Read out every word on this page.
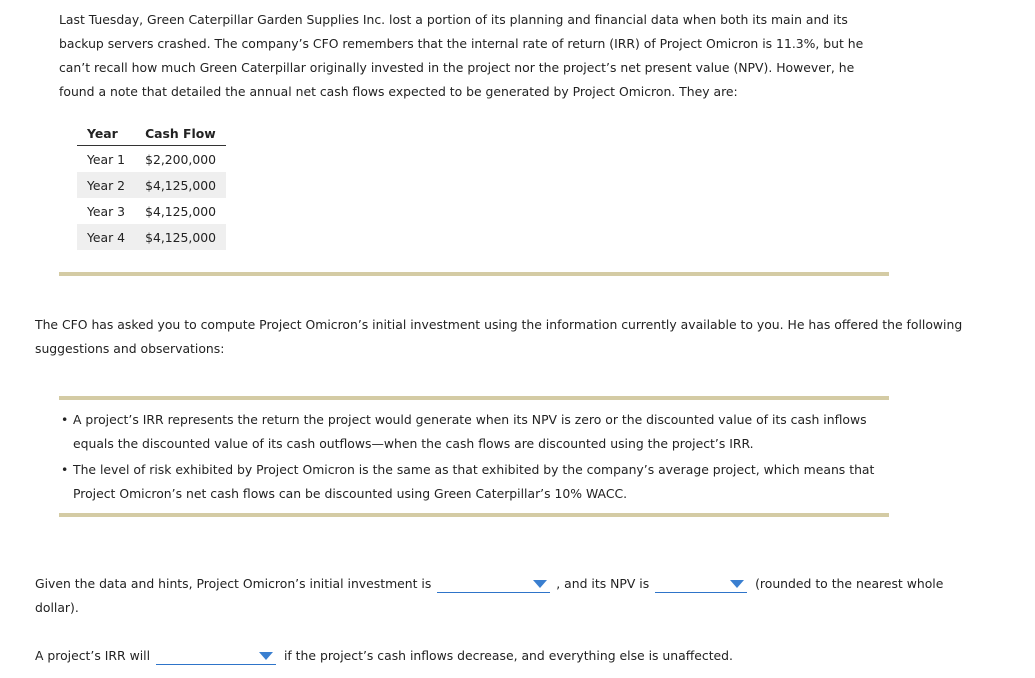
Last Tuesday, Green Caterpillar Garden Supplies Inc. lost a portion of its planning and financial data when both its main and its backup servers crashed. The company’s CFO remembers that the internal rate of return (IRR) of Project Omicron is 11.3%, but he can’t recall how much Green Caterpillar originally invested in the project nor the project’s net present value (NPV). However, he found a note that detailed the annual net cash flows expected to be generated by Project Omicron. They are:

Year	Cash Flow
Year 1	$2,200,000
Year 2	$4,125,000
Year 3	$4,125,000
Year 4	$4,125,000

The CFO has asked you to compute Project Omicron’s initial investment using the information currently available to you. He has offered the following suggestions and observations:

• A project’s IRR represents the return the project would generate when its NPV is zero or the discounted value of its cash inflows equals the discounted value of its cash outflows—when the cash flows are discounted using the project’s IRR.
• The level of risk exhibited by Project Omicron is the same as that exhibited by the company’s average project, which means that Project Omicron’s net cash flows can be discounted using Green Caterpillar’s 10% WACC.

Given the data and hints, Project Omicron’s initial investment is	, and its NPV is	(rounded to the nearest whole
dollar).

A project’s IRR will	if the project’s cash inflows decrease, and everything else is unaffected.
